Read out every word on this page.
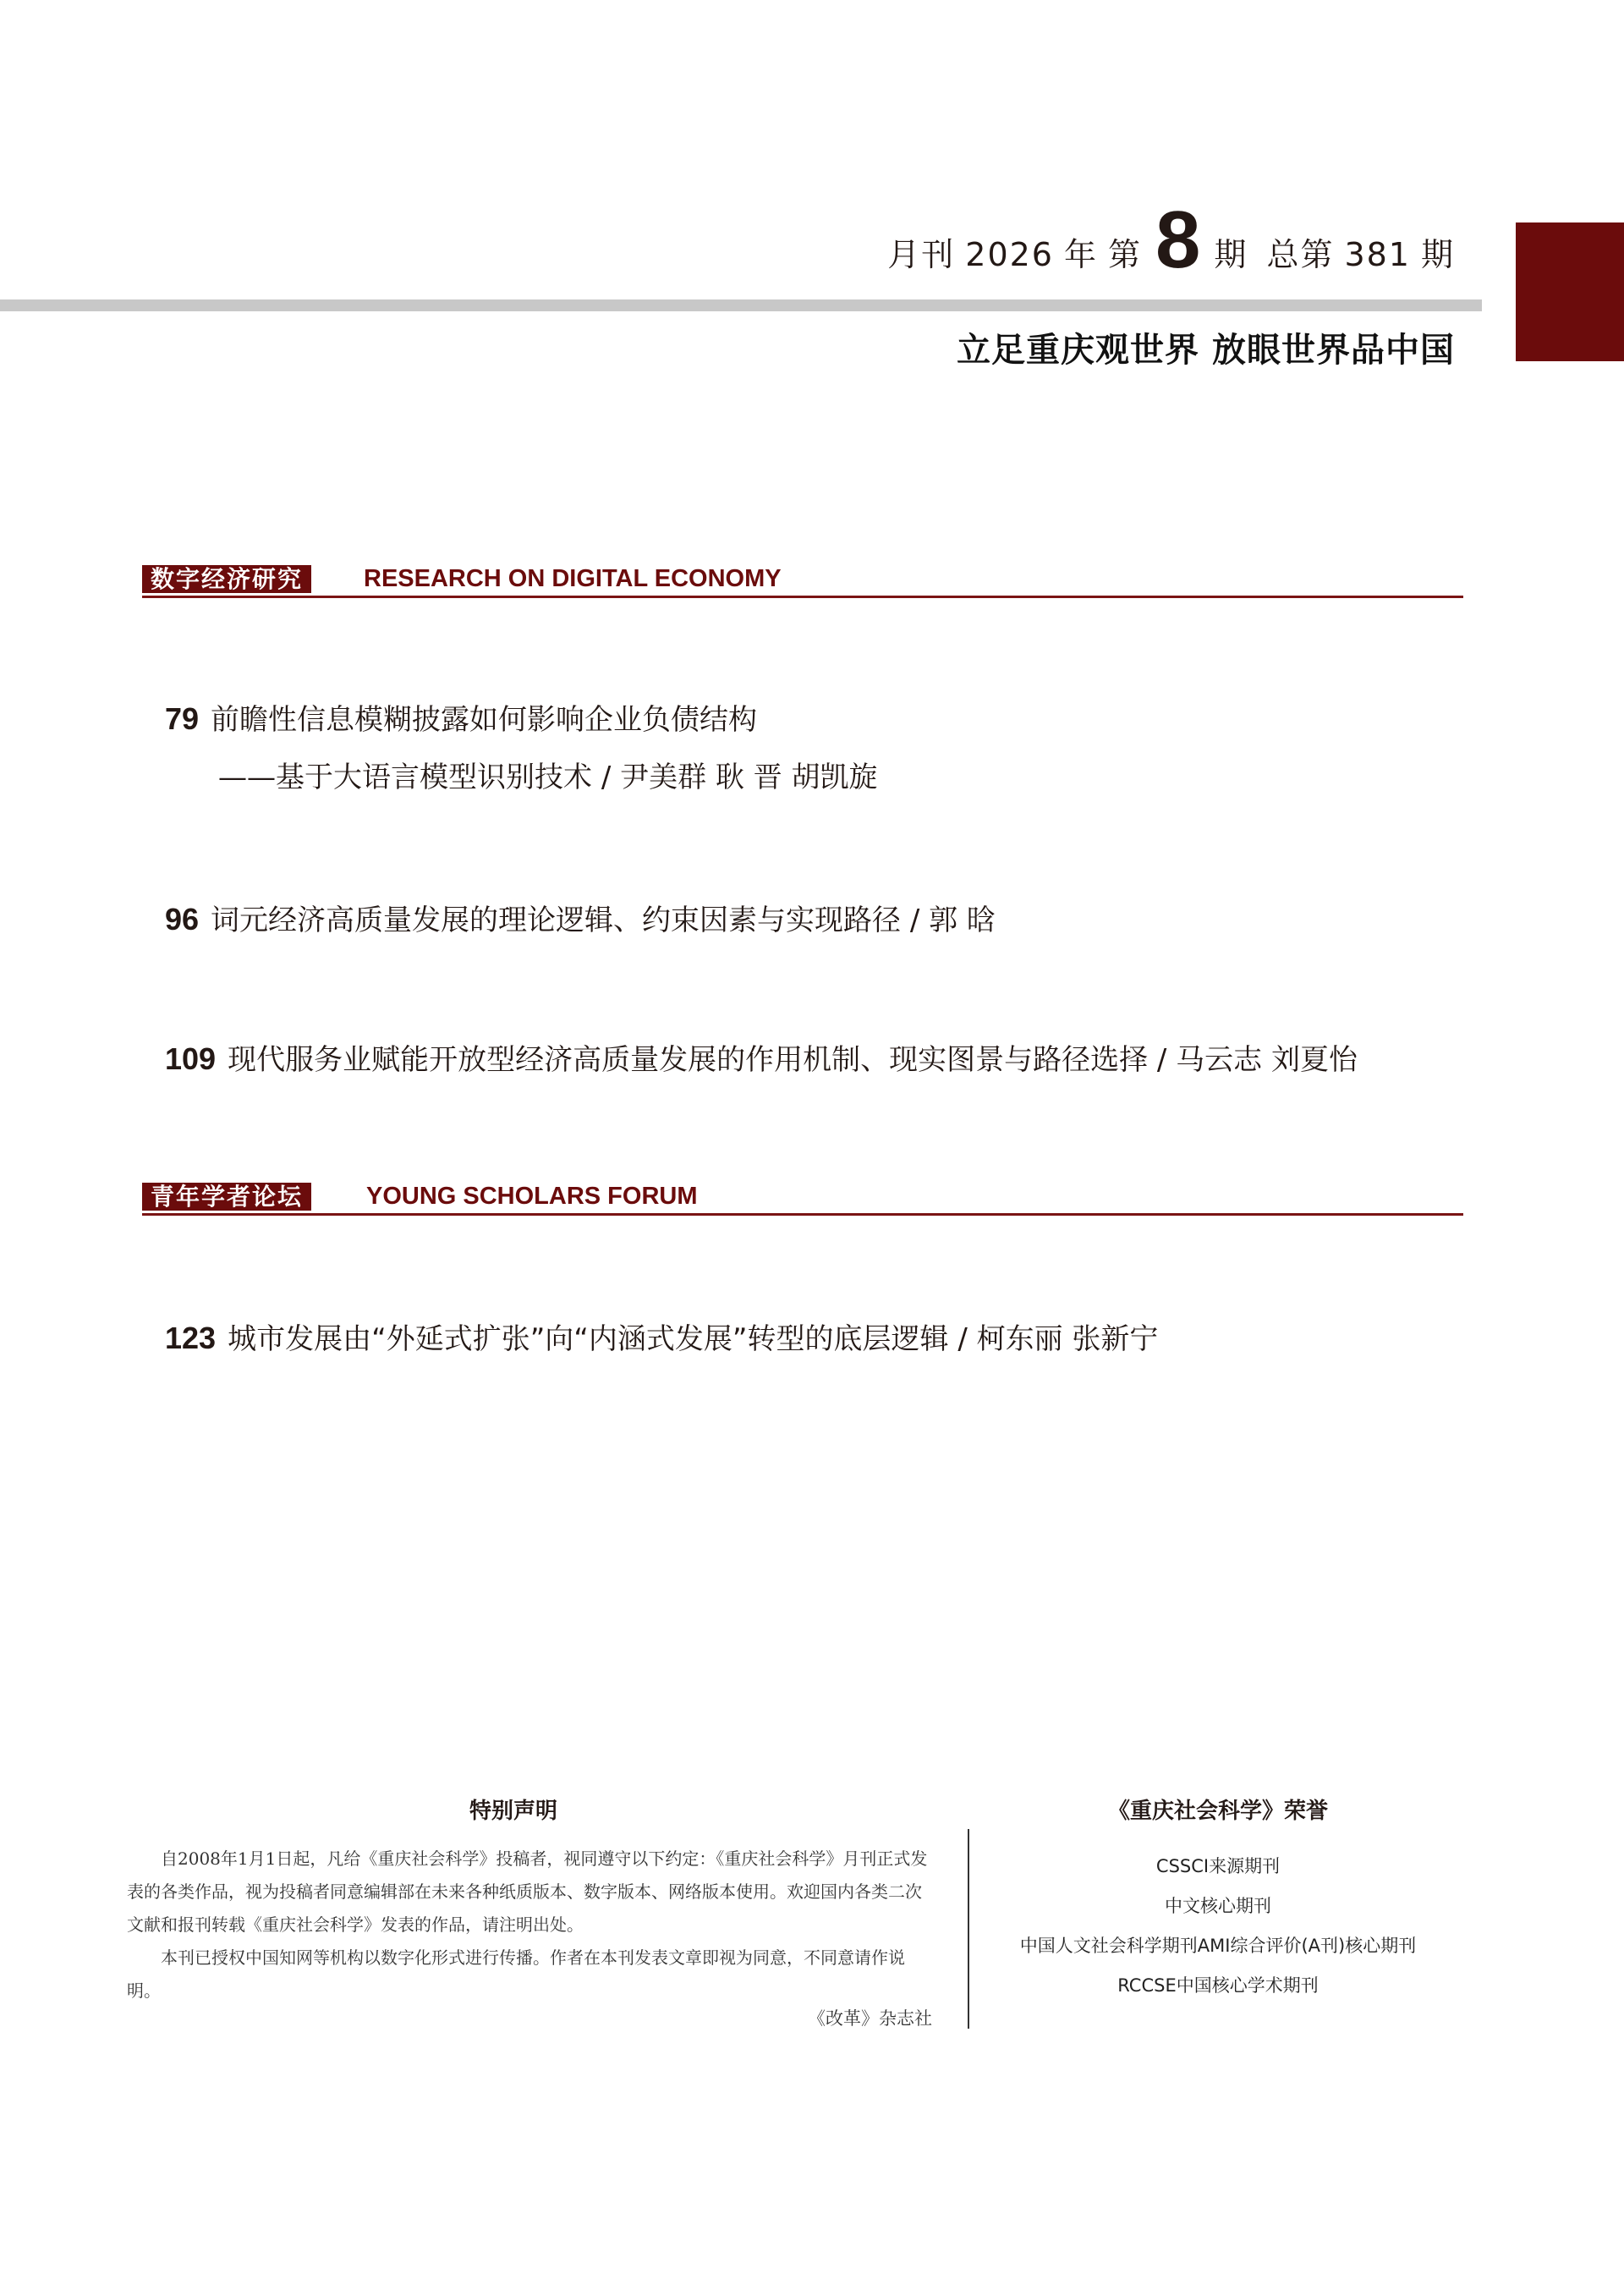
月刊 2026 年 第 8 期 总第 381 期
立足重庆观世界 放眼世界品中国
数字经济研究	RESEARCH ON DIGITAL ECONOMY
79 前瞻性信息模糊披露如何影响企业负债结构
——基于大语言模型识别技术 / 尹美群 耿 晋 胡凯旋
96 词元经济高质量发展的理论逻辑、约束因素与实现路径 / 郭 晗
109 现代服务业赋能开放型经济高质量发展的作用机制、现实图景与路径选择 / 马云志 刘夏怡
青年学者论坛	YOUNG SCHOLARS FORUM
123 城市发展由“外延式扩张”向“内涵式发展”转型的底层逻辑 / 柯东丽 张新宁
特别声明

自2008年1月1日起，凡给《重庆社会科学》投稿者，视同遵守以下约定：《重庆社会科学》月刊正式发表的各类作品，视为投稿者同意编辑部在未来各种纸质版本、数字版本、网络版本使用。欢迎国内各类二次文献和报刊转载《重庆社会科学》发表的作品，请注明出处。

本刊已授权中国知网等机构以数字化形式进行传播。作者在本刊发表文章即视为同意，不同意请作说明。

《改革》杂志社
《重庆社会科学》荣誉
CSSCI来源期刊
中文核心期刊
中国人文社会科学期刊AMI综合评价(A刊)核心期刊
RCCSE中国核心学术期刊
